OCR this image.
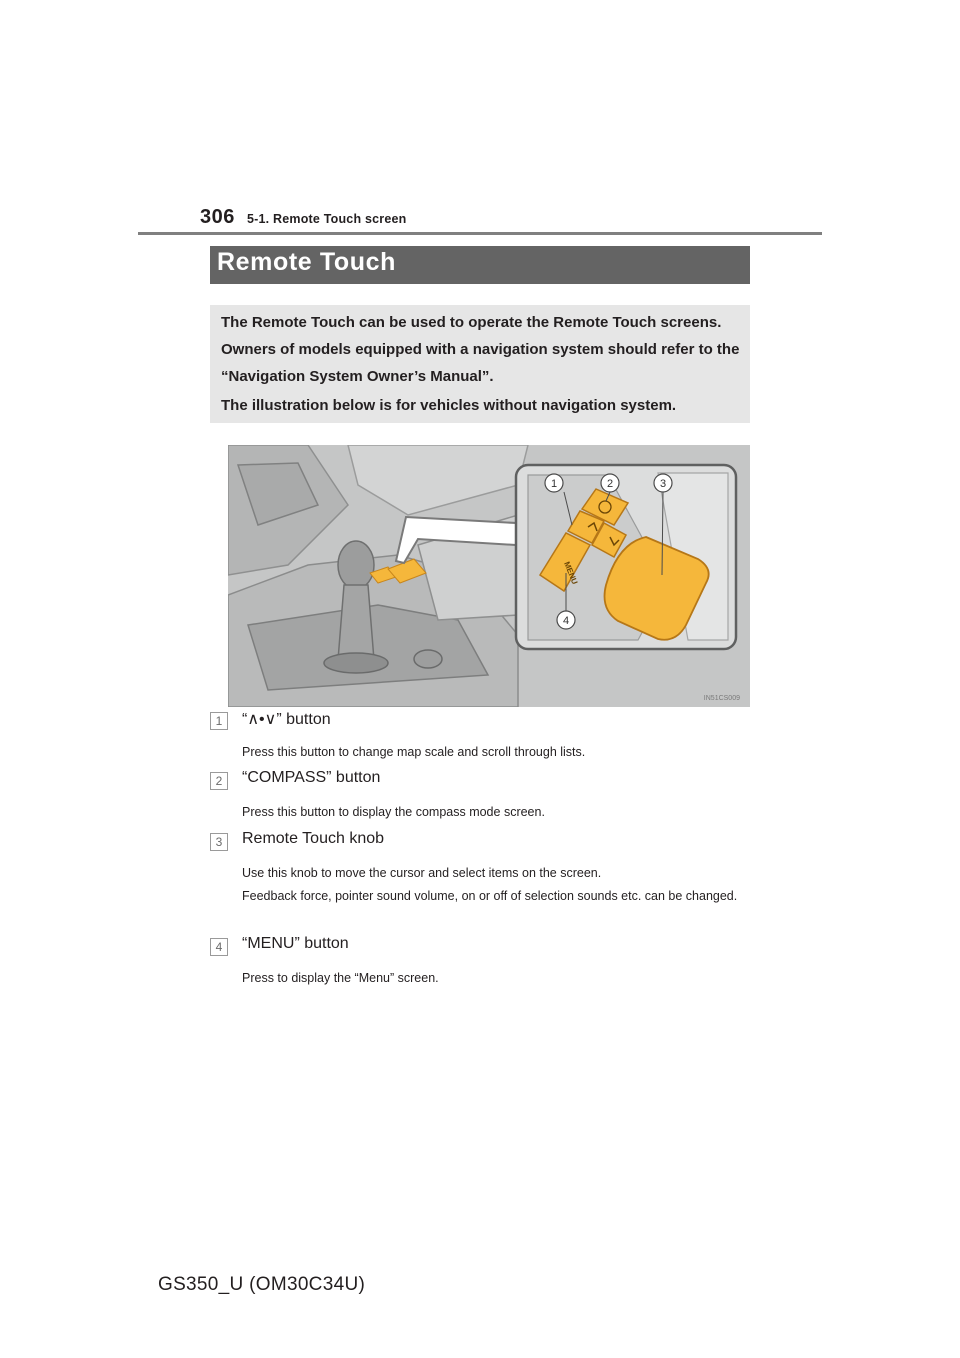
306 5-1. Remote Touch screen
Remote Touch

The Remote Touch can be used to operate the Remote Touch screens. Owners of models equipped with a navigation system should refer to the “Navigation System Owner’s Manual”.

The illustration below is for vehicles without navigation system.

MENU
1	2	3
4
IN51CS009
1	“∧•∨” button
Press this button to change map scale and scroll through lists.
2	“COMPASS” button
Press this button to display the compass mode screen.
3	Remote Touch knob
Use this knob to move the cursor and select items on the screen.
Feedback force, pointer sound volume, on or off of selection sounds etc. can be changed.
4	“MENU” button
Press to display the “Menu” screen.
GS350_U (OM30C34U)
